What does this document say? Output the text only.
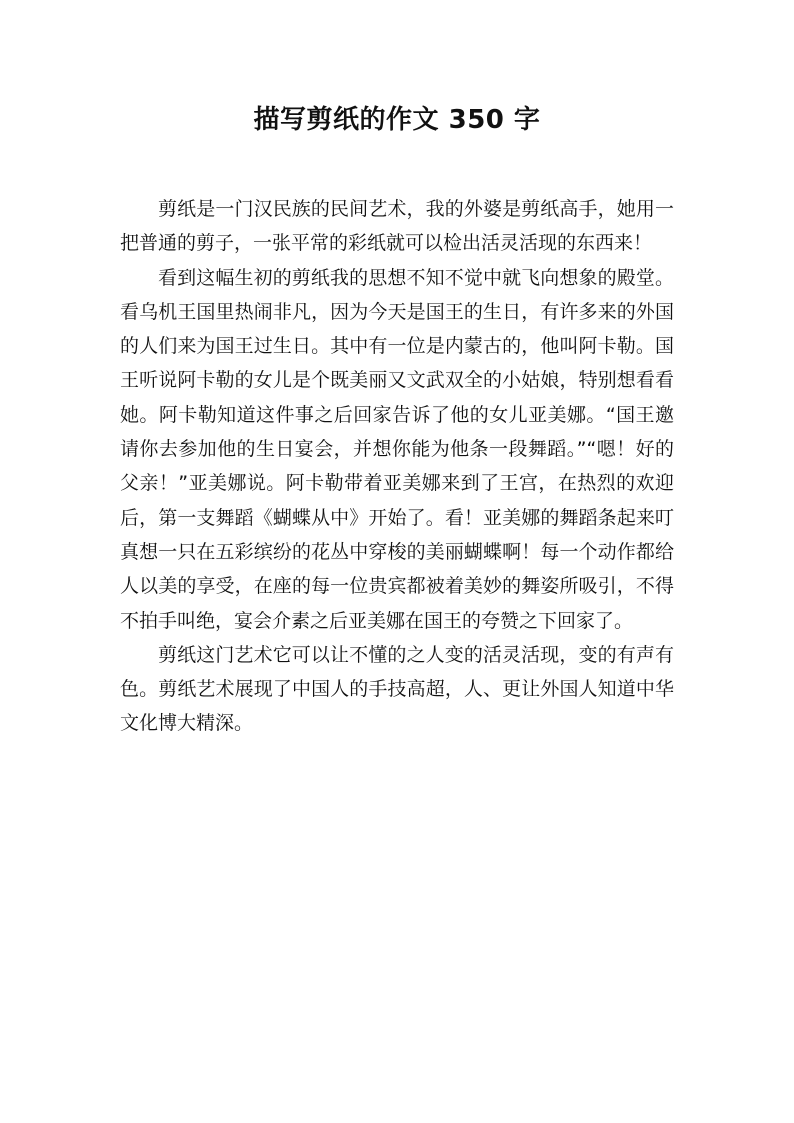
描写剪纸的作文 350 字

剪纸是一门汉民族的民间艺术，我的外婆是剪纸高手，她用一把普通的剪子，一张平常的彩纸就可以检出活灵活现的东西来！

看到这幅生初的剪纸我的思想不知不觉中就飞向想象的殿堂。看乌机王国里热闹非凡，因为今天是国王的生日，有许多来的外国的人们来为国王过生日。其中有一位是内蒙古的，他叫阿卡勒。国王听说阿卡勒的女儿是个既美丽又文武双全的小姑娘，特别想看看她。阿卡勒知道这件事之后回家告诉了他的女儿亚美娜。“国王邀请你去参加他的生日宴会，并想你能为他条一段舞蹈。”“嗯！好的父亲！”亚美娜说。阿卡勒带着亚美娜来到了王宫，在热烈的欢迎后，第一支舞蹈《蝴蝶从中》开始了。看！亚美娜的舞蹈条起来叮真想一只在五彩缤纷的花丛中穿梭的美丽蝴蝶啊！每一个动作都给人以美的享受，在座的每一位贵宾都被着美妙的舞姿所吸引，不得不拍手叫绝，宴会介素之后亚美娜在国王的夸赞之下回家了。

剪纸这门艺术它可以让不懂的之人变的活灵活现，变的有声有色。剪纸艺术展现了中国人的手技高超，人、更让外国人知道中华文化博大精深。
